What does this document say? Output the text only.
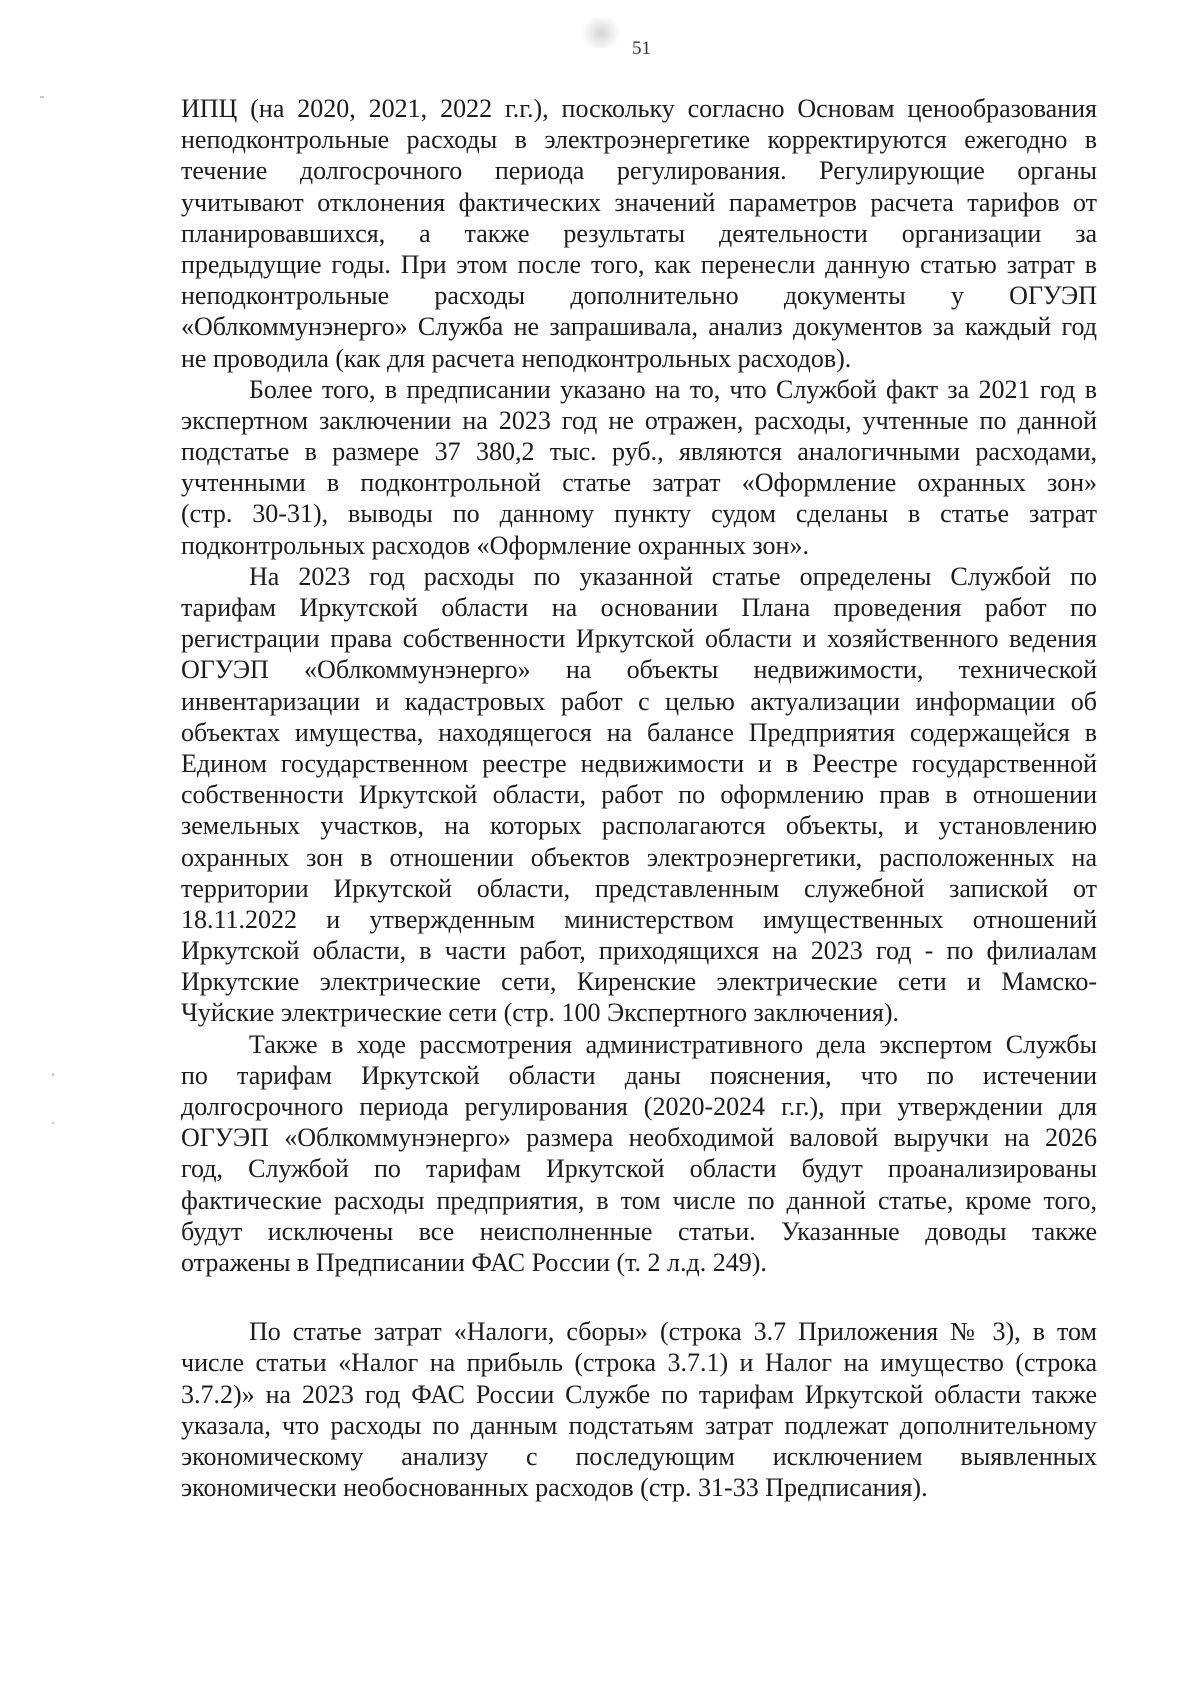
51
ИПЦ (на 2020, 2021, 2022 г.г.), поскольку согласно Основам ценообразования
неподконтрольные расходы в электроэнергетике корректируются ежегодно в
течение долгосрочного периода регулирования. Регулирующие органы
учитывают отклонения фактических значений параметров расчета тарифов от
планировавшихся, а также результаты деятельности организации за
предыдущие годы. При этом после того, как перенесли данную статью затрат в
неподконтрольные расходы дополнительно документы у ОГУЭП
«Облкоммунэнерго» Служба не запрашивала, анализ документов за каждый год
не проводила (как для расчета неподконтрольных расходов).
Более того, в предписании указано на то, что Службой факт за 2021 год в
экспертном заключении на 2023 год не отражен, расходы, учтенные по данной
подстатье в размере 37 380,2 тыс. руб., являются аналогичными расходами,
учтенными в подконтрольной статье затрат «Оформление охранных зон»
(стр. 30-31), выводы по данному пункту судом сделаны в статье затрат
подконтрольных расходов «Оформление охранных зон».
На 2023 год расходы по указанной статье определены Службой по
тарифам Иркутской области на основании Плана проведения работ по
регистрации права собственности Иркутской области и хозяйственного ведения
ОГУЭП «Облкоммунэнерго» на объекты недвижимости, технической
инвентаризации и кадастровых работ с целью актуализации информации об
объектах имущества, находящегося на балансе Предприятия содержащейся в
Едином государственном реестре недвижимости и в Реестре государственной
собственности Иркутской области, работ по оформлению прав в отношении
земельных участков, на которых располагаются объекты, и установлению
охранных зон в отношении объектов электроэнергетики, расположенных на
территории Иркутской области, представленным служебной запиской от
18.11.2022 и утвержденным министерством имущественных отношений
Иркутской области, в части работ, приходящихся на 2023 год - по филиалам
Иркутские электрические сети, Киренские электрические сети и Мамско-
Чуйские электрические сети (стр. 100 Экспертного заключения).
Также в ходе рассмотрения административного дела экспертом Службы
по тарифам Иркутской области даны пояснения, что по истечении
долгосрочного периода регулирования (2020-2024 г.г.), при утверждении для
ОГУЭП «Облкоммунэнерго» размера необходимой валовой выручки на 2026
год, Службой по тарифам Иркутской области будут проанализированы
фактические расходы предприятия, в том числе по данной статье, кроме того,
будут исключены все неисполненные статьи. Указанные доводы также
отражены в Предписании ФАС России (т. 2 л.д. 249).
По статье затрат «Налоги, сборы» (строка 3.7 Приложения № 3), в том
числе статьи «Налог на прибыль (строка 3.7.1) и Налог на имущество (строка
3.7.2)» на 2023 год ФАС России Службе по тарифам Иркутской области также
указала, что расходы по данным подстатьям затрат подлежат дополнительному
экономическому анализу с последующим исключением выявленных
экономически необоснованных расходов (стр. 31-33 Предписания).
